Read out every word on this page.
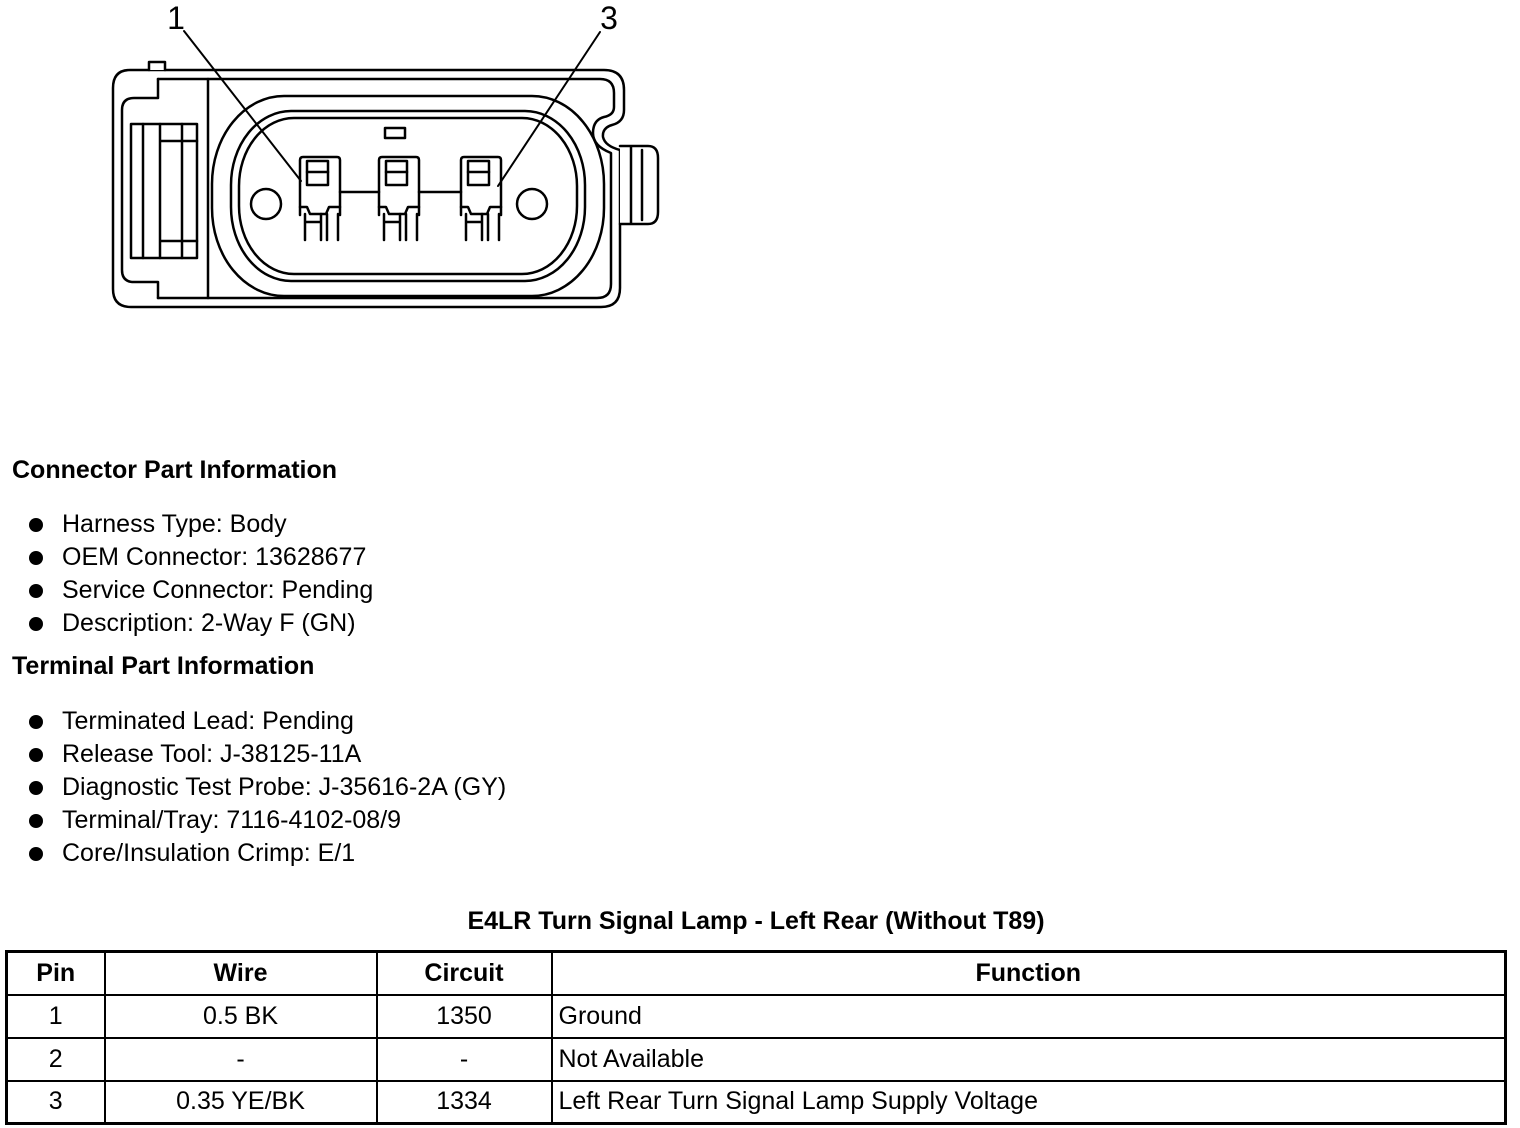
1	3
Connector Part Information
Harness Type: Body
OEM Connector: 13628677
Service Connector: Pending
Description: 2-Way F (GN)
Terminal Part Information
Terminated Lead: Pending
Release Tool: J-38125-11A
Diagnostic Test Probe: J-35616-2A (GY)
Terminal/Tray: 7116-4102-08/9
Core/Insulation Crimp: E/1
E4LR Turn Signal Lamp - Left Rear (Without T89)
Pin	Wire	Circuit	Function
1	0.5 BK	1350	Ground
2	-	-	Not Available
3	0.35 YE/BK	1334	Left Rear Turn Signal Lamp Supply Voltage
